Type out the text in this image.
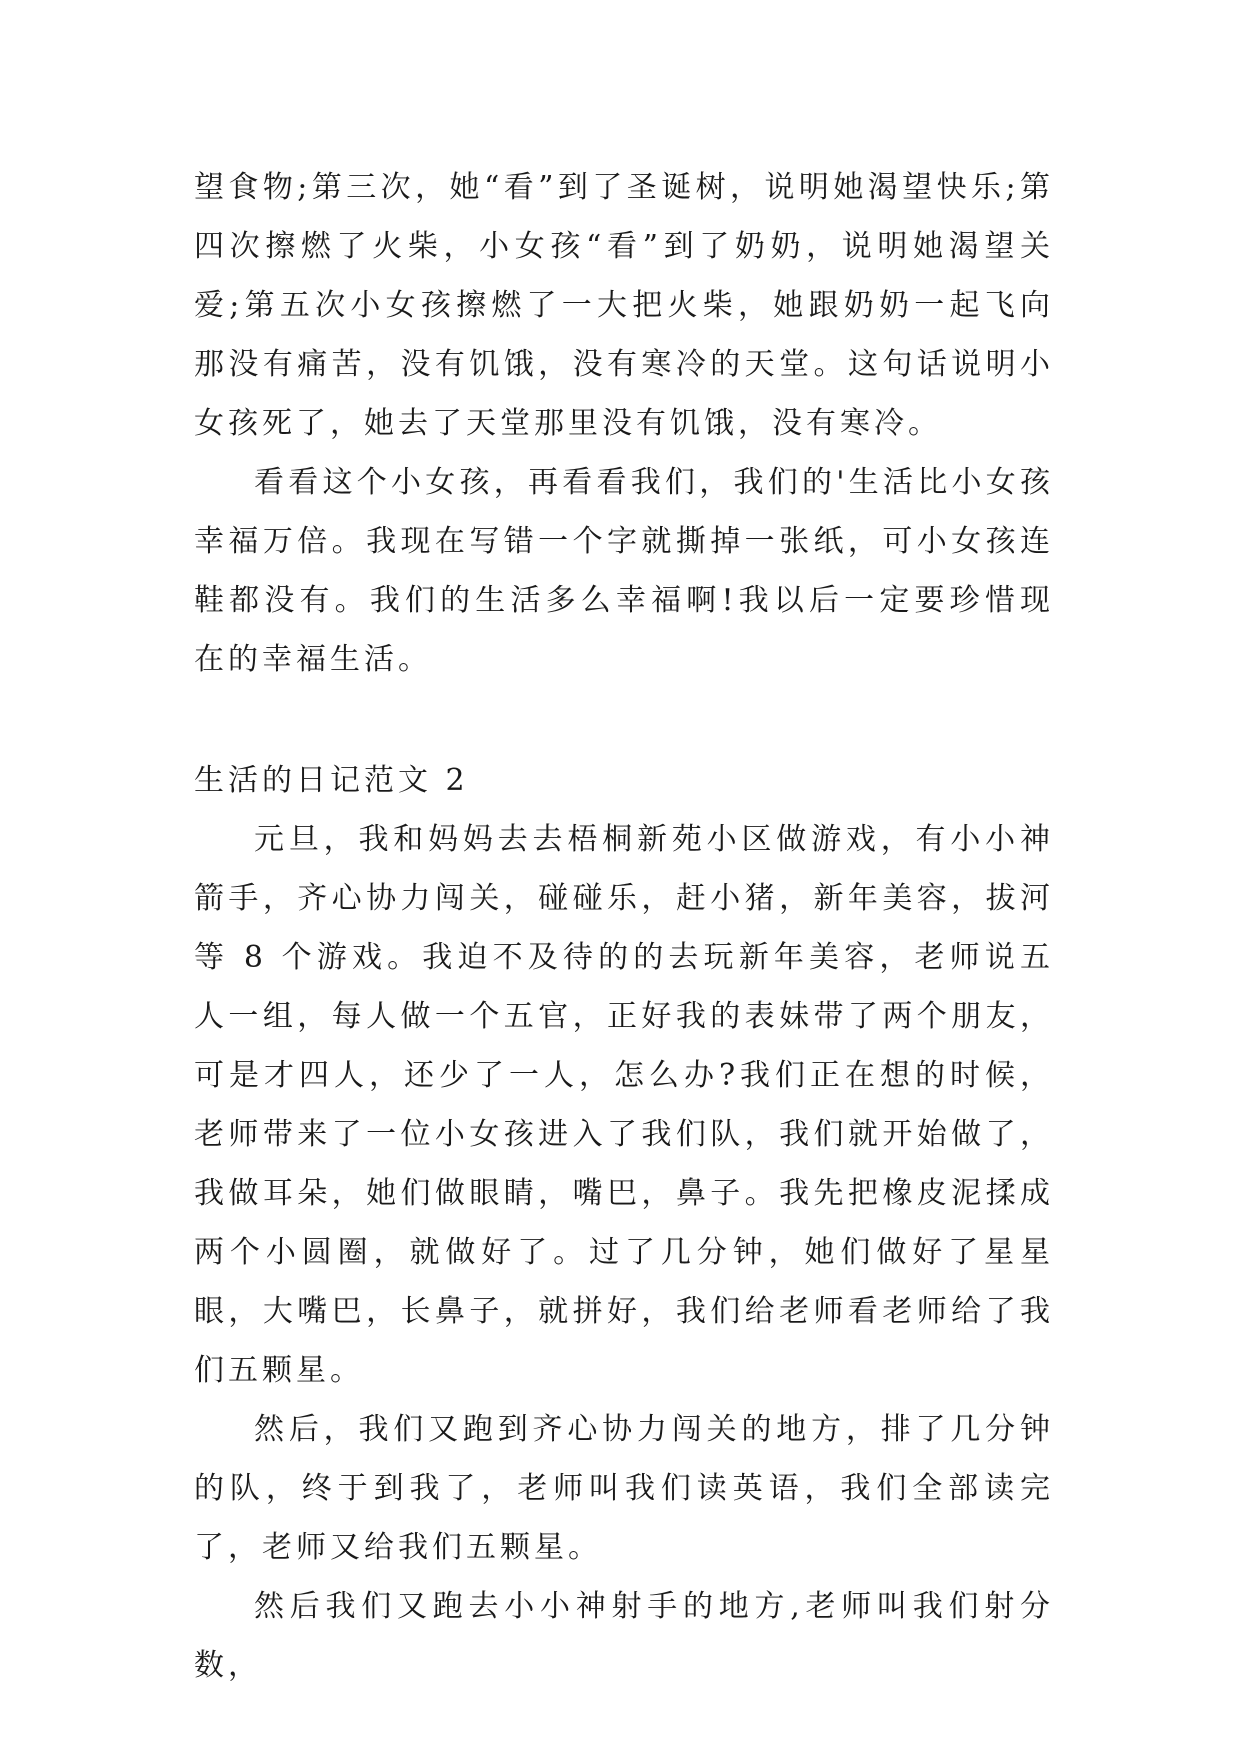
望食物;第三次，她“看”到了圣诞树，说明她渴望快乐;第四次擦燃了火柴，小女孩“看”到了奶奶，说明她渴望关爱;第五次小女孩擦燃了一大把火柴，她跟奶奶一起飞向那没有痛苦，没有饥饿，没有寒冷的天堂。这句话说明小女孩死了，她去了天堂那里没有饥饿，没有寒冷。

看看这个小女孩，再看看我们，我们的'生活比小女孩幸福万倍。我现在写错一个字就撕掉一张纸，可小女孩连鞋都没有。我们的生活多么幸福啊!我以后一定要珍惜现在的幸福生活。

生活的日记范文 2

元旦，我和妈妈去去梧桐新苑小区做游戏，有小小神箭手，齐心协力闯关，碰碰乐，赶小猪，新年美容，拔河等 8 个游戏。我迫不及待的的去玩新年美容，老师说五人一组，每人做一个五官，正好我的表妹带了两个朋友，可是才四人，还少了一人，怎么办?我们正在想的时候，老师带来了一位小女孩进入了我们队，我们就开始做了，我做耳朵，她们做眼睛，嘴巴，鼻子。我先把橡皮泥揉成两个小圆圈，就做好了。过了几分钟，她们做好了星星眼，大嘴巴，长鼻子，就拼好，我们给老师看老师给了我们五颗星。

然后，我们又跑到齐心协力闯关的地方，排了几分钟的队，终于到我了，老师叫我们读英语，我们全部读完了，老师又给我们五颗星。

然后我们又跑去小小神射手的地方,老师叫我们射分数，
